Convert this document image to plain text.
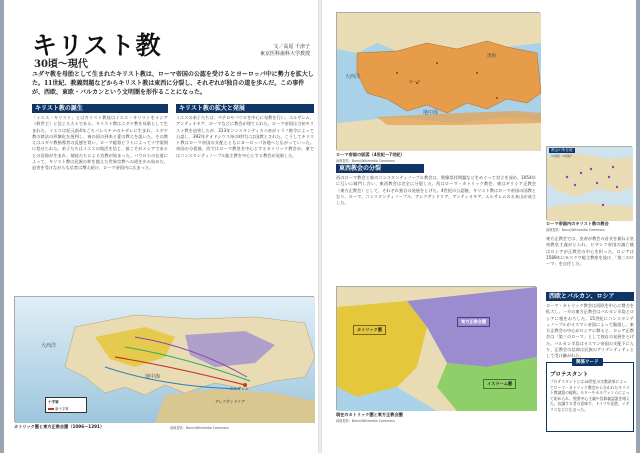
キリスト教
30頃〜現代
文／高尾 千津子
東京医科歯科大学教授
ユダヤ教を母胎として生まれたキリスト教は、ローマ帝国の公認を受けるとヨーロッパ中に勢力を拡大した。11世紀、教義問題などからキリスト教は東西に分裂し、それぞれが独自の道を歩んだ。この事件が、西欧、東欧・バルカンという文明圏を形作ることになった。
キリスト教の誕生
「イエス・キリスト」とはキリスト教徒はイエス・キリストをメシア（救世主）と信じる人々である。キリスト教はユダヤ教を母胎として生まれた。イエスは紀元前4年ごろパレスチナのナザレに生まれ、ユダヤ教の律法の形骸化を批判し、神の国の到来と愛の教えを説いた。その教えはユダヤ教指導者の反感を買い、ローマ総督ピラトによって十字架刑に処せられた。弟子たちはイエスの復活を信じ、彼こそがメシアであるとの信仰が生まれ、使徒たちによる宣教が始まった。パウロらの伝道によって、キリスト教は民族の枠を越えた世界宗教への道を歩み始めた。迫害を受けながらも信者は増え続け、ローマ帝国内に広まった。
キリスト教の拡大と発展
イエスの弟子たちは、ペテロやパウロを中心に布教を行い、エルサレム、アンティオキア、ローマなどに教会が建てられた。ローマ帝国は当初キリスト教を迫害したが、313年コンスタンティヌス帝がミラノ勅令によって公認し、392年テオドシウス帝の時代には国教とされた。こうしてキリスト教はローマ帝国の支配とともにヨーロッパ各地へと広がっていった。帝国の分裂後、西ではローマ教皇を中心とするカトリック教会が、東ではコンスタンティノープル総主教を中心とする教会が発展した。
大西洋
地中海
エルサレム
アレクサンドリア
十字軍
新十字軍
カトリック圏と東方正教会圏（1096〜1291）	画像提供：Bonn/Wikimedia Commons
大西洋
黒海
地中海
ローマ
ローマ帝国の版図（4世紀〜7世紀）
画像提供：Bonn/Wikimedia Commons
教会の所在地
（1世紀〜2世紀）
ローマ帝国内のキリスト教の教会
画像提供：Bonn/Wikimedia Commons
東西教会の分裂
西のローマ教会と東のコンスタンティノープル教会は、聖像崇拝問題などをめぐって対立を深め、1054年に互いに破門し合い、東西教会は完全に分裂した。西はローマ・カトリック教会、東はギリシア正教会（東方正教会）として、それぞれ独自の発展をとげた。4世紀の公認後、キリスト教はローマ帝国の国教となり、ローマ、コンスタンティノープル、アレクサンドリア、アンティオキア、エルサレムの五本山が成立した。
東方正教会では、皇帝が教会の首長を兼ねる皇帝教皇主義がとられ、ビザンツ帝国の滅亡後はロシアが正教会の中心を担った。ロシアは1589年にモスクワ総主教座を設け、「第三のローマ」を自任した。
カトリック圏
東方正教会圏
イスラーム圏
現在のカトリック圏と東方正教会圏
画像提供：Bonn/Wikimedia Commons
西欧とバルカン、ロシア
ローマ・カトリック教会は西欧を中心に勢力を拡大し、一方の東方正教会はバルカン半島とロシアに根をおろした。15世紀にコンスタンティノープルがオスマン帝国によって陥落し、東方正教会の中心がロシアに移ると、ロシア正教会は「第三のローマ」として独自の発展をとげた。バルカン半島はオスマン帝国の支配下に入り、正教会の信仰は民族のアイデンティティとして受け継がれた。
関係ワード
プロテスタント
プロテスタントとは16世紀の宗教改革によってローマ・カトリック教会から分かれたキリスト教諸派の総称。ルターやカルヴァンらによって始められ、聖書中心主義や信仰義認説を唱えた。抗議する者の意味で、ドイツや北欧、イギリスなどに広まった。
